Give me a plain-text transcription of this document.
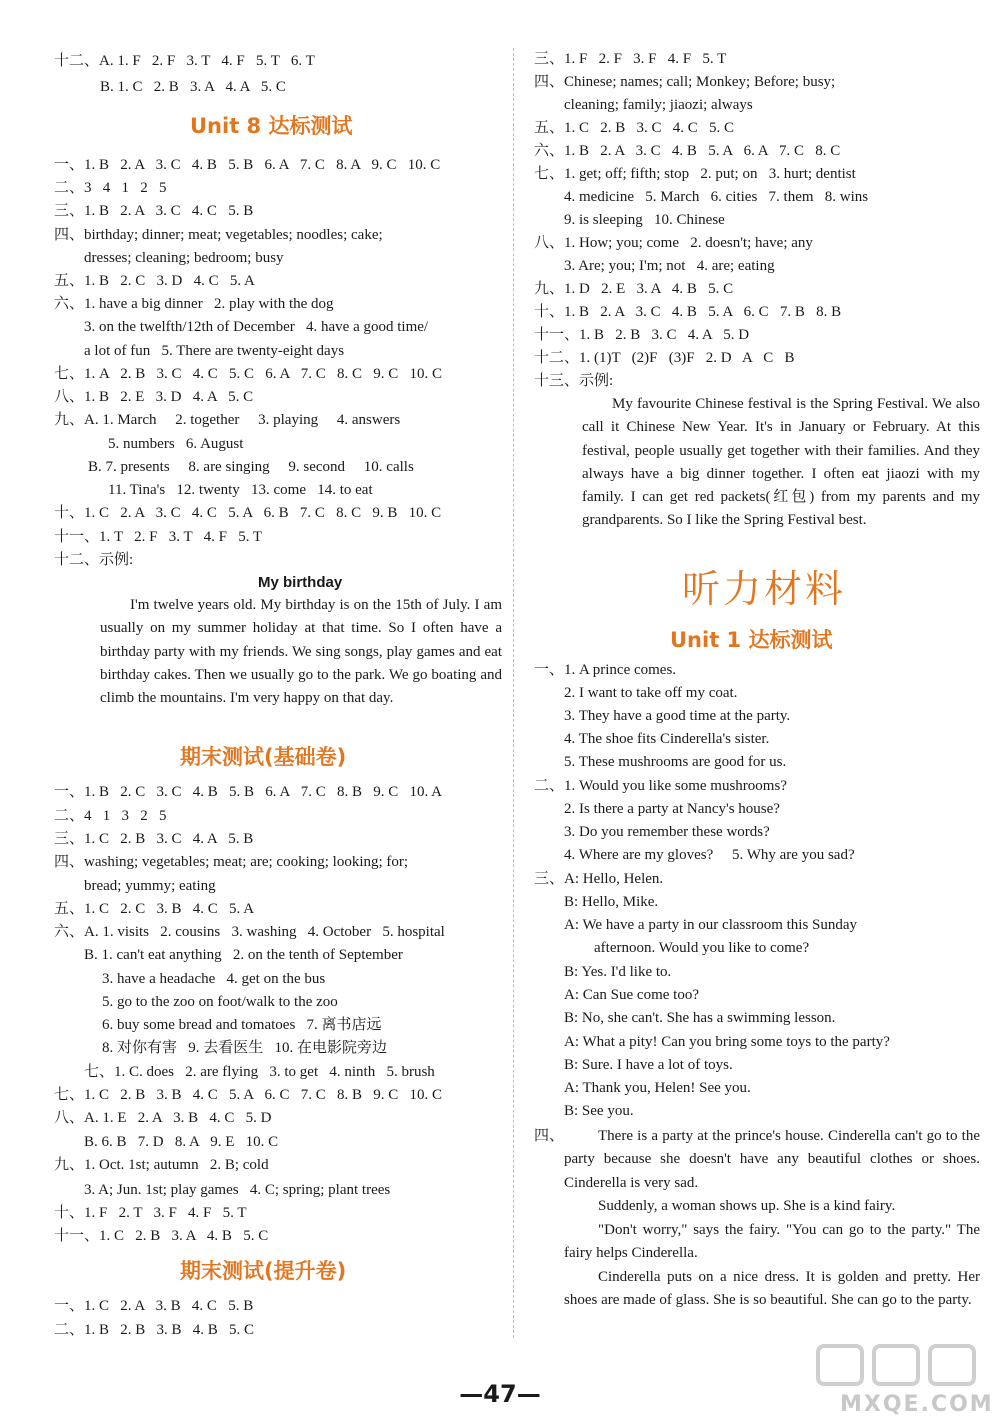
十二、A. 1. F   2. F   3. T   4. F   5. T   6. T
B. 1. C   2. B   3. A   4. A   5. C
Unit 8 达标测试
一、1. B   2. A   3. C   4. B   5. B   6. A   7. C   8. A   9. C   10. C
二、3   4   1   2   5
三、1. B   2. A   3. C   4. C   5. B
四、birthday; dinner; meat; vegetables; noodles; cake;
dresses; cleaning; bedroom; busy
五、1. B   2. C   3. D   4. C   5. A
六、1. have a big dinner   2. play with the dog
3. on the twelfth/12th of December   4. have a good time/
a lot of fun   5. There are twenty-eight days
七、1. A   2. B   3. C   4. C   5. C   6. A   7. C   8. C   9. C   10. C
八、1. B   2. E   3. D   4. A   5. C
九、A. 1. March     2. together     3. playing     4. answers
5. numbers   6. August
B. 7. presents     8. are singing     9. second     10. calls
11. Tina's   12. twenty   13. come   14. to eat
十、1. C   2. A   3. C   4. C   5. A   6. B   7. C   8. C   9. B   10. C
十一、1. T   2. F   3. T   4. F   5. T
十二、示例:
My birthday
I'm twelve years old. My birthday is on the 15th of July. I am usually on my summer holiday at that time. So I often have a birthday party with my friends. We sing songs, play games and eat birthday cakes. Then we usually go to the park. We go boating and climb the mountains. I'm very happy on that day.
期末测试(基础卷)
一、1. B   2. C   3. C   4. B   5. B   6. A   7. C   8. B   9. C   10. A
二、4   1   3   2   5
三、1. C   2. B   3. C   4. A   5. B
四、washing; vegetables; meat; are; cooking; looking; for;
bread; yummy; eating
五、1. C   2. C   3. B   4. C   5. A
六、A. 1. visits   2. cousins   3. washing   4. October   5. hospital
B. 1. can't eat anything   2. on the tenth of September
3. have a headache   4. get on the bus
5. go to the zoo on foot/walk to the zoo
6. buy some bread and tomatoes   7. 离书店远
8. 对你有害   9. 去看医生   10. 在电影院旁边
七、1. C. does   2. are flying   3. to get   4. ninth   5. brush
七、1. C   2. B   3. B   4. C   5. A   6. C   7. C   8. B   9. C   10. C
八、A. 1. E   2. A   3. B   4. C   5. D
B. 6. B   7. D   8. A   9. E   10. C
九、1. Oct. 1st; autumn   2. B; cold
3. A; Jun. 1st; play games   4. C; spring; plant trees
十、1. F   2. T   3. F   4. F   5. T
十一、1. C   2. B   3. A   4. B   5. C
期末测试(提升卷)
一、1. C   2. A   3. B   4. C   5. B
二、1. B   2. B   3. B   4. B   5. C
三、1. F   2. F   3. F   4. F   5. T
四、Chinese; names; call; Monkey; Before; busy;
cleaning; family; jiaozi; always
五、1. C   2. B   3. C   4. C   5. C
六、1. B   2. A   3. C   4. B   5. A   6. A   7. C   8. C
七、1. get; off; fifth; stop   2. put; on   3. hurt; dentist
4. medicine   5. March   6. cities   7. them   8. wins
9. is sleeping   10. Chinese
八、1. How; you; come   2. doesn't; have; any
3. Are; you; I'm; not   4. are; eating
九、1. D   2. E   3. A   4. B   5. C
十、1. B   2. A   3. C   4. B   5. A   6. C   7. B   8. B
十一、1. B   2. B   3. C   4. A   5. D
十二、1. (1)T   (2)F   (3)F   2. D   A   C   B
十三、示例:
My favourite Chinese festival is the Spring Festival. We also call it Chinese New Year. It's in January or February. At this festival, people usually get together with their families. And they always have a big dinner together. I often eat jiaozi with my family. I can get red packets(红包) from my parents and my grandparents. So I like the Spring Festival best.
听力材料
Unit 1 达标测试
一、1. A prince comes.
2. I want to take off my coat.
3. They have a good time at the party.
4. The shoe fits Cinderella's sister.
5. These mushrooms are good for us.
二、1. Would you like some mushrooms?
2. Is there a party at Nancy's house?
3. Do you remember these words?
4. Where are my gloves?     5. Why are you sad?
三、A: Hello, Helen.
B: Hello, Mike.
A: We have a party in our classroom this Sunday
afternoon. Would you like to come?
B: Yes. I'd like to.
A: Can Sue come too?
B: No, she can't. She has a swimming lesson.
A: What a pity! Can you bring some toys to the party?
B: Sure. I have a lot of toys.
A: Thank you, Helen! See you.
B: See you.
四、	There is a party at the prince's house. Cinderella can't go to the party because she doesn't have any beautiful clothes or shoes. Cinderella is very sad.
Suddenly, a woman shows up. She is a kind fairy.
"Don't worry," says the fairy. "You can go to the party." The fairy helps Cinderella.
Cinderella puts on a nice dress. It is golden and pretty. Her shoes are made of glass. She is so beautiful. She can go to the party.
—47—	MXQE.COM
